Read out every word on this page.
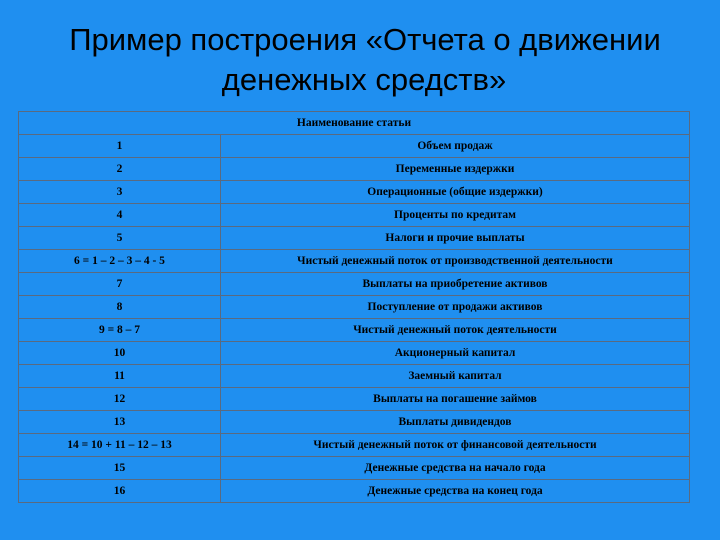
Пример построения «Отчета о движении
денежных средств»
Наименование статьи	
1	Объем продаж
2	Переменные издержки
3	Операционные (общие издержки)
4	Проценты по кредитам
5	Налоги и прочие выплаты
6 = 1 – 2 – 3 – 4 - 5	Чистый денежный поток от производственной деятельности
7	Выплаты на приобретение активов
8	Поступление от продажи активов
9 = 8 – 7	Чистый денежный поток деятельности
10	Акционерный капитал
11	Заемный капитал
12	Выплаты на погашение займов
13	Выплаты дивидендов
14 = 10 + 11 – 12 – 13	Чистый денежный поток от финансовой деятельности
15	Денежные средства на начало года
16	Денежные средства на конец года
